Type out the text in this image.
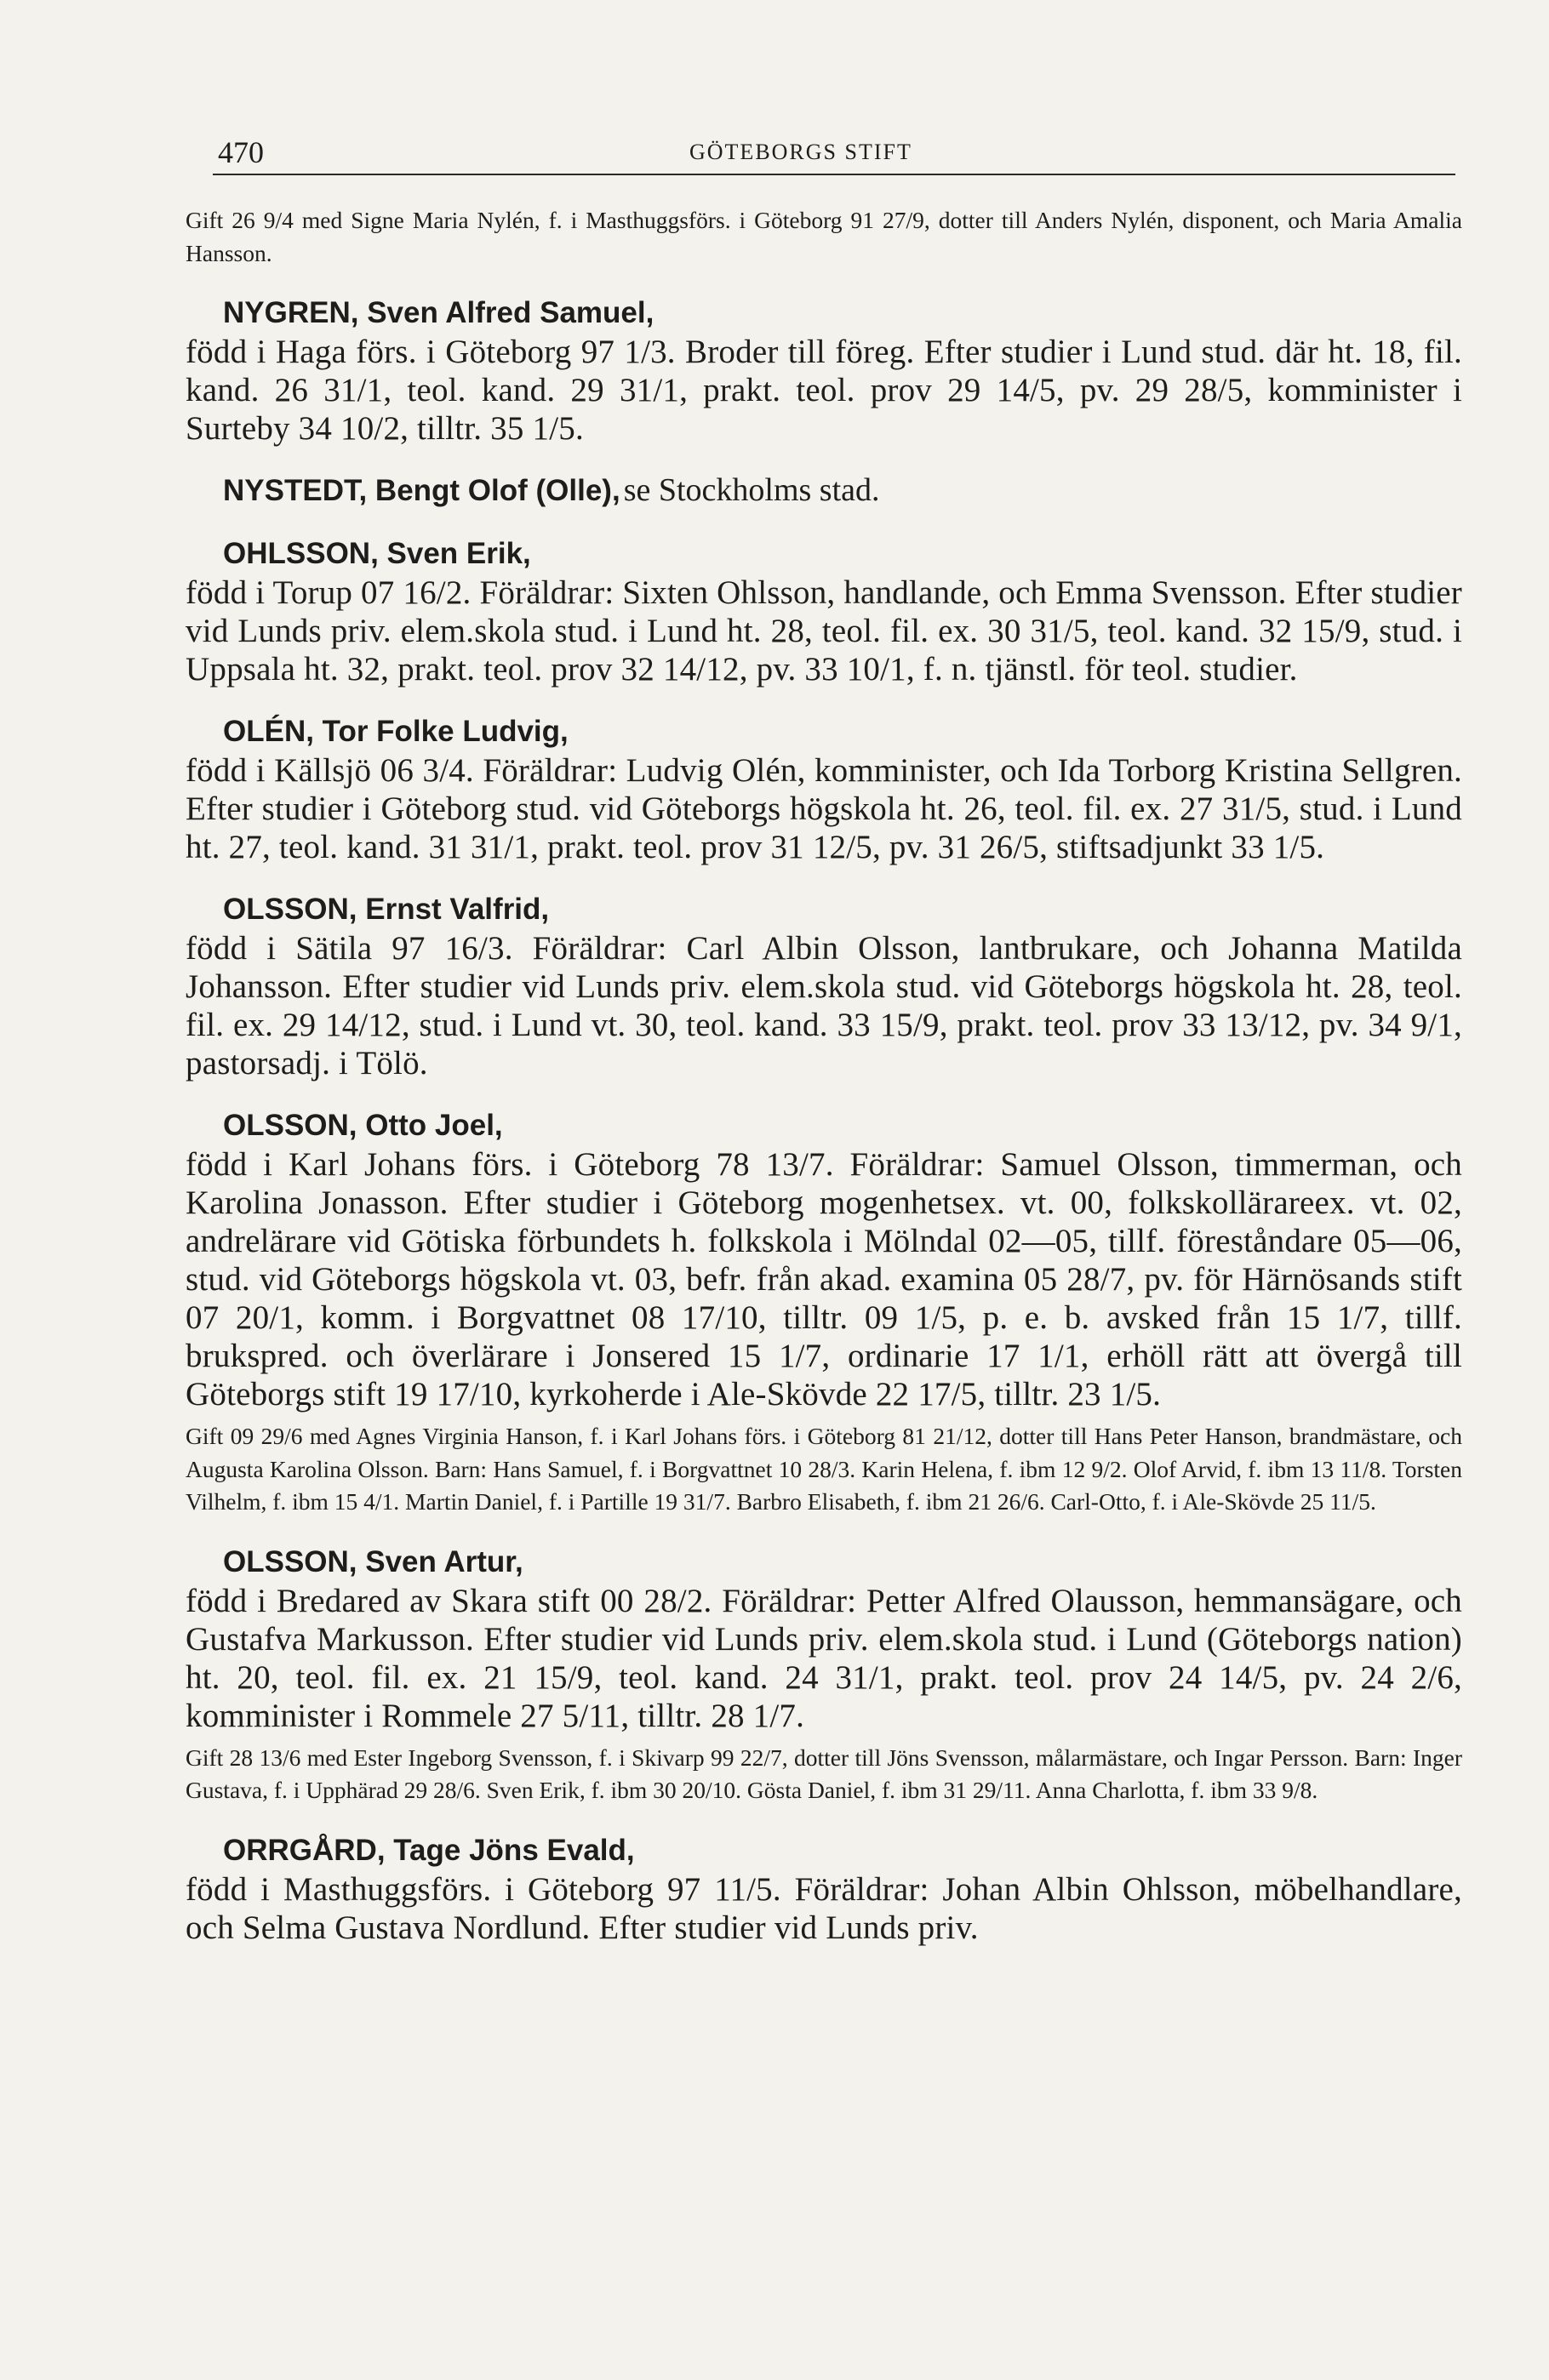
470	GÖTEBORGS STIFT
Gift 26 9/4 med Signe Maria Nylén, f. i Masthuggsförs. i Göteborg 91 27/9, dotter till Anders Nylén, disponent, och Maria Amalia Hansson.
NYGREN, Sven Alfred Samuel,
född i Haga förs. i Göteborg 97 1/3. Broder till föreg. Efter studier i Lund stud. där ht. 18, fil. kand. 26 31/1, teol. kand. 29 31/1, prakt. teol. prov 29 14/5, pv. 29 28/5, komminister i Surteby 34 10/2, tilltr. 35 1/5.
NYSTEDT, Bengt Olof (Olle), se Stockholms stad.
OHLSSON, Sven Erik,
född i Torup 07 16/2. Föräldrar: Sixten Ohlsson, handlande, och Emma Svensson. Efter studier vid Lunds priv. elem.skola stud. i Lund ht. 28, teol. fil. ex. 30 31/5, teol. kand. 32 15/9, stud. i Uppsala ht. 32, prakt. teol. prov 32 14/12, pv. 33 10/1, f. n. tjänstl. för teol. studier.
OLÉN, Tor Folke Ludvig,
född i Källsjö 06 3/4. Föräldrar: Ludvig Olén, komminister, och Ida Torborg Kristina Sellgren. Efter studier i Göteborg stud. vid Göteborgs högskola ht. 26, teol. fil. ex. 27 31/5, stud. i Lund ht. 27, teol. kand. 31 31/1, prakt. teol. prov 31 12/5, pv. 31 26/5, stiftsadjunkt 33 1/5.
OLSSON, Ernst Valfrid,
född i Sätila 97 16/3. Föräldrar: Carl Albin Olsson, lantbrukare, och Johanna Matilda Johansson. Efter studier vid Lunds priv. elem.skola stud. vid Göteborgs högskola ht. 28, teol. fil. ex. 29 14/12, stud. i Lund vt. 30, teol. kand. 33 15/9, prakt. teol. prov 33 13/12, pv. 34 9/1, pastorsadj. i Tölö.
OLSSON, Otto Joel,
född i Karl Johans förs. i Göteborg 78 13/7. Föräldrar: Samuel Olsson, timmerman, och Karolina Jonasson. Efter studier i Göteborg mogenhetsex. vt. 00, folkskollärareex. vt. 02, andrelärare vid Götiska förbundets h. folkskola i Mölndal 02—05, tillf. föreståndare 05—06, stud. vid Göteborgs högskola vt. 03, befr. från akad. examina 05 28/7, pv. för Härnösands stift 07 20/1, komm. i Borgvattnet 08 17/10, tilltr. 09 1/5, p. e. b. avsked från 15 1/7, tillf. brukspred. och överlärare i Jonsered 15 1/7, ordinarie 17 1/1, erhöll rätt att övergå till Göteborgs stift 19 17/10, kyrkoherde i Ale-Skövde 22 17/5, tilltr. 23 1/5.
Gift 09 29/6 med Agnes Virginia Hanson, f. i Karl Johans förs. i Göteborg 81 21/12, dotter till Hans Peter Hanson, brandmästare, och Augusta Karolina Olsson. Barn: Hans Samuel, f. i Borgvattnet 10 28/3. Karin Helena, f. ibm 12 9/2. Olof Arvid, f. ibm 13 11/8. Torsten Vilhelm, f. ibm 15 4/1. Martin Daniel, f. i Partille 19 31/7. Barbro Elisabeth, f. ibm 21 26/6. Carl-Otto, f. i Ale-Skövde 25 11/5.
OLSSON, Sven Artur,
född i Bredared av Skara stift 00 28/2. Föräldrar: Petter Alfred Olausson, hemmansägare, och Gustafva Markusson. Efter studier vid Lunds priv. elem.skola stud. i Lund (Göteborgs nation) ht. 20, teol. fil. ex. 21 15/9, teol. kand. 24 31/1, prakt. teol. prov 24 14/5, pv. 24 2/6, komminister i Rommele 27 5/11, tilltr. 28 1/7.
Gift 28 13/6 med Ester Ingeborg Svensson, f. i Skivarp 99 22/7, dotter till Jöns Svensson, målarmästare, och Ingar Persson. Barn: Inger Gustava, f. i Upphärad 29 28/6. Sven Erik, f. ibm 30 20/10. Gösta Daniel, f. ibm 31 29/11. Anna Charlotta, f. ibm 33 9/8.
ORRGÅRD, Tage Jöns Evald,
född i Masthuggsförs. i Göteborg 97 11/5. Föräldrar: Johan Albin Ohlsson, möbelhandlare, och Selma Gustava Nordlund. Efter studier vid Lunds priv.
